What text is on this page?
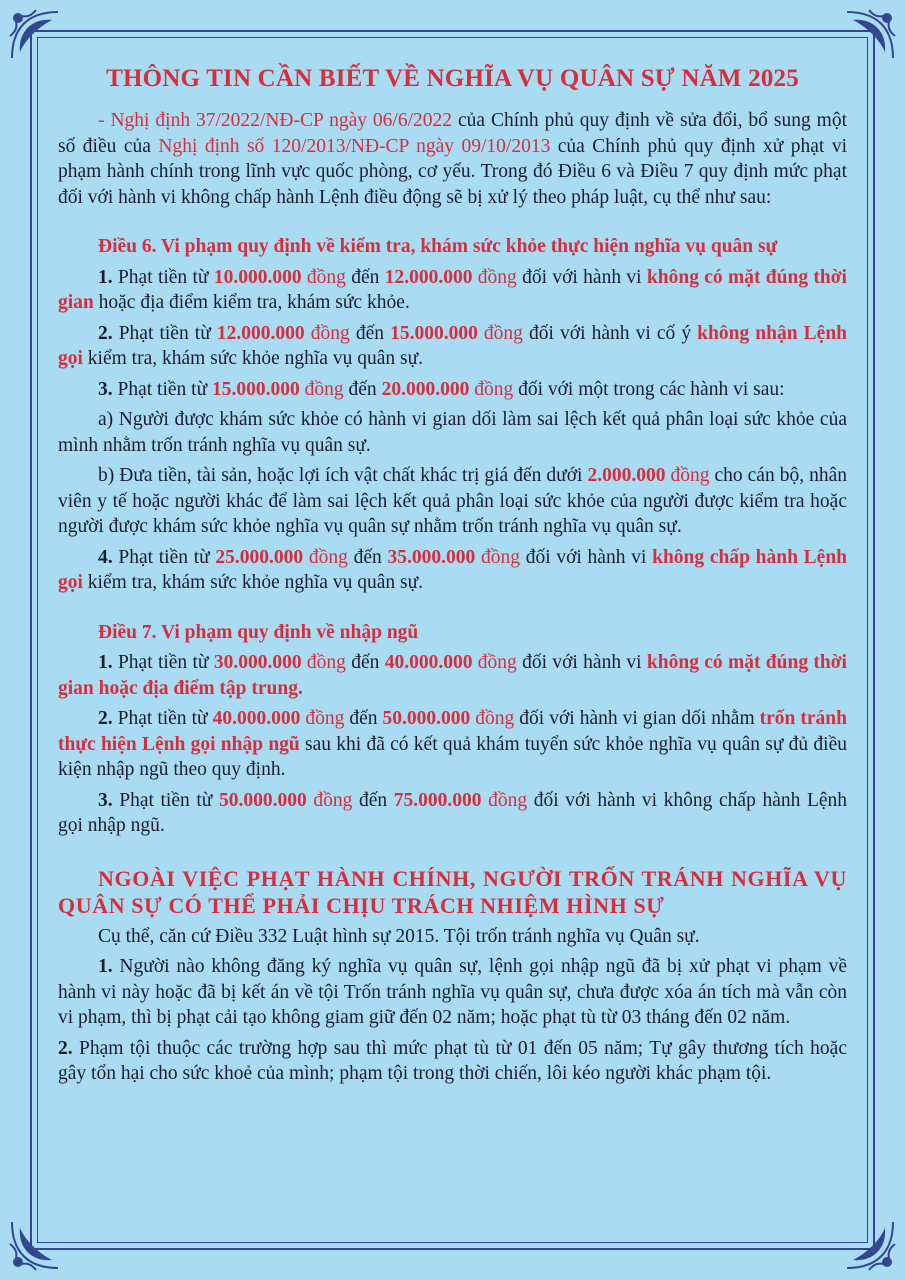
THÔNG TIN CẦN BIẾT VỀ NGHĨA VỤ QUÂN SỰ NĂM 2025

- Nghị định 37/2022/NĐ-CP ngày 06/6/2022 của Chính phủ quy định về sửa đổi, bổ sung một số điều của Nghị định số 120/2013/NĐ-CP ngày 09/10/2013 của Chính phủ quy định xử phạt vi phạm hành chính trong lĩnh vực quốc phòng, cơ yếu. Trong đó Điều 6 và Điều 7 quy định mức phạt đối với hành vi không chấp hành Lệnh điều động sẽ bị xử lý theo pháp luật, cụ thể như sau:

Điều 6. Vi phạm quy định về kiểm tra, khám sức khỏe thực hiện nghĩa vụ quân sự

1. Phạt tiền từ 10.000.000 đồng đến 12.000.000 đồng đối với hành vi không có mặt đúng thời gian hoặc địa điểm kiểm tra, khám sức khỏe.

2. Phạt tiền từ 12.000.000 đồng đến 15.000.000 đồng đối với hành vi cố ý không nhận Lệnh gọi kiểm tra, khám sức khỏe nghĩa vụ quân sự.

3. Phạt tiền từ 15.000.000 đồng đến 20.000.000 đồng đối với một trong các hành vi sau:

a) Người được khám sức khỏe có hành vi gian dối làm sai lệch kết quả phân loại sức khỏe của mình nhằm trốn tránh nghĩa vụ quân sự.

b) Đưa tiền, tài sản, hoặc lợi ích vật chất khác trị giá đến dưới 2.000.000 đồng cho cán bộ, nhân viên y tế hoặc người khác để làm sai lệch kết quả phân loại sức khỏe của người được kiểm tra hoặc người được khám sức khỏe nghĩa vụ quân sự nhằm trốn tránh nghĩa vụ quân sự.

4. Phạt tiền từ 25.000.000 đồng đến 35.000.000 đồng đối với hành vi không chấp hành Lệnh gọi kiểm tra, khám sức khỏe nghĩa vụ quân sự.

Điều 7. Vi phạm quy định về nhập ngũ

1. Phạt tiền từ 30.000.000 đồng đến 40.000.000 đồng đối với hành vi không có mặt đúng thời gian hoặc địa điểm tập trung.

2. Phạt tiền từ 40.000.000 đồng đến 50.000.000 đồng đối với hành vi gian dối nhằm trốn tránh thực hiện Lệnh gọi nhập ngũ sau khi đã có kết quả khám tuyển sức khỏe nghĩa vụ quân sự đủ điều kiện nhập ngũ theo quy định.

3. Phạt tiền từ 50.000.000 đồng đến 75.000.000 đồng đối với hành vi không chấp hành Lệnh gọi nhập ngũ.

NGOÀI VIỆC PHẠT HÀNH CHÍNH, NGƯỜI TRỐN TRÁNH NGHĨA VỤ QUÂN SỰ CÓ THỂ PHẢI CHỊU TRÁCH NHIỆM HÌNH SỰ

Cụ thể, căn cứ Điều 332 Luật hình sự 2015. Tội trốn tránh nghĩa vụ Quân sự.

1. Người nào không đăng ký nghĩa vụ quân sự, lệnh gọi nhập ngũ đã bị xử phạt vi phạm về hành vi này hoặc đã bị kết án về tội Trốn tránh nghĩa vụ quân sự, chưa được xóa án tích mà vẫn còn vi phạm, thì bị phạt cải tạo không giam giữ đến 02 năm; hoặc phạt tù từ 03 tháng đến 02 năm.

2. Phạm tội thuộc các trường hợp sau thì mức phạt tù từ 01 đến 05 năm; Tự gây thương tích hoặc gây tổn hại cho sức khoẻ của mình; phạm tội trong thời chiến, lôi kéo người khác phạm tội.
